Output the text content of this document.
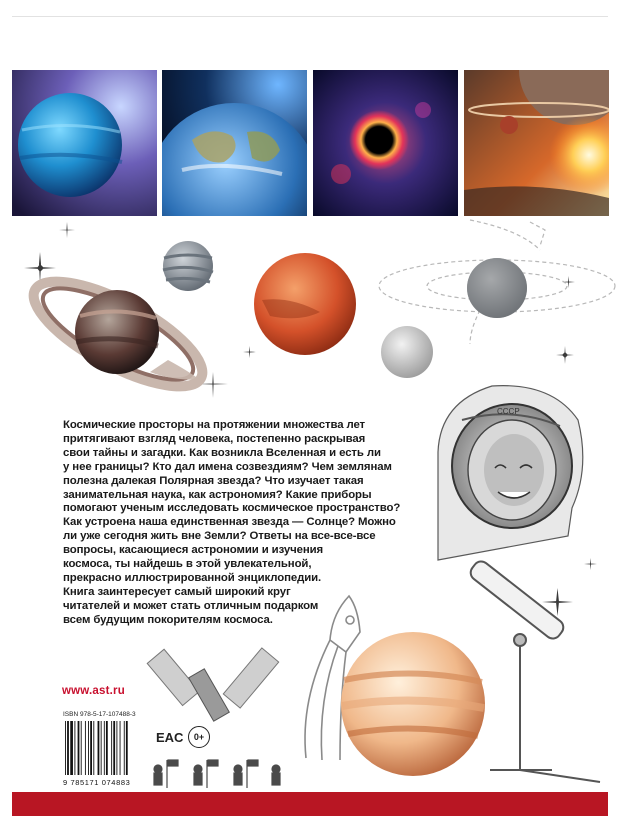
СССР
Космические просторы на протяжении множества лет
притягивают взгляд человека, постепенно раскрывая
свои тайны и загадки. Как возникла Вселенная и есть ли
у нее границы? Кто дал имена созвездиям? Чем землянам
полезна далекая Полярная звезда? Что изучает такая
занимательная наука, как астрономия? Какие приборы
помогают ученым исследовать космическое пространство?
Как устроена наша единственная звезда — Солнце? Можно
ли уже сегодня жить вне Земли? Ответы на все-все-все
вопросы, касающиеся астрономии и изучения
космоса, ты найдешь в этой увлекательной,
прекрасно иллюстрированной энциклопедии.
Книга заинтересует самый широкий круг
читателей и может стать отличным подарком
всем будущим покорителям космоса.
www.ast.ru
ISBN 978-5-17-107488-3
9 785171 074883
EAC	0+
